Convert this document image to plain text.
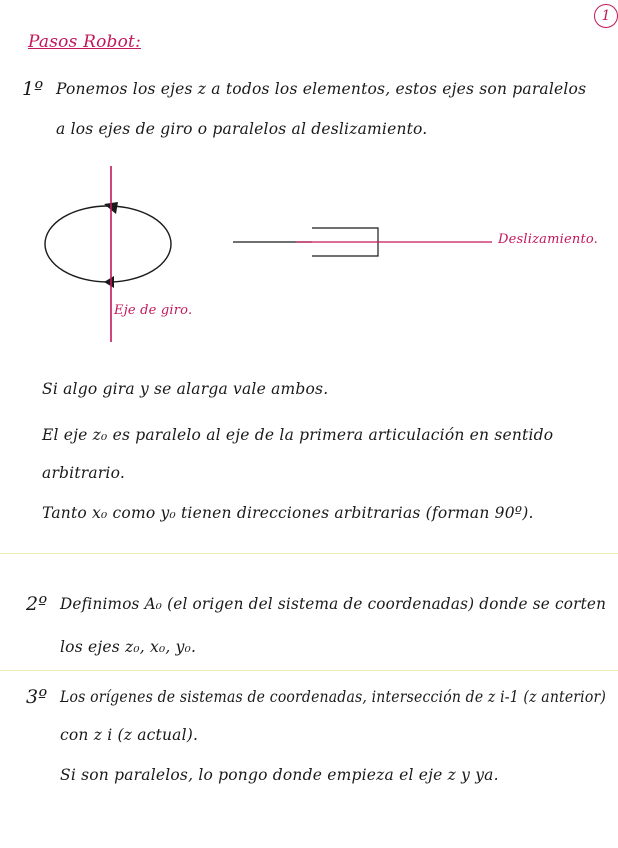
Pasos Robot:
1
1º Ponemos los ejes z a todos los elementos, estos ejes son paralelos
a los ejes de giro o paralelos al deslizamiento.
Eje de giro.
Deslizamiento.
Si algo gira y se alarga vale ambos.
El eje z₀ es paralelo al eje de la primera articulación en sentido
arbitrario.
Tanto x₀ como y₀ tienen direcciones arbitrarias (forman 90º).
2º Definimos A₀ (el origen del sistema de coordenadas) donde se corten
los ejes z₀, x₀, y₀.
3º Los orígenes de sistemas de coordenadas, intersección de z i-1 (z anterior)
con z i (z actual).
Si son paralelos, lo pongo donde empieza el eje z y ya.
